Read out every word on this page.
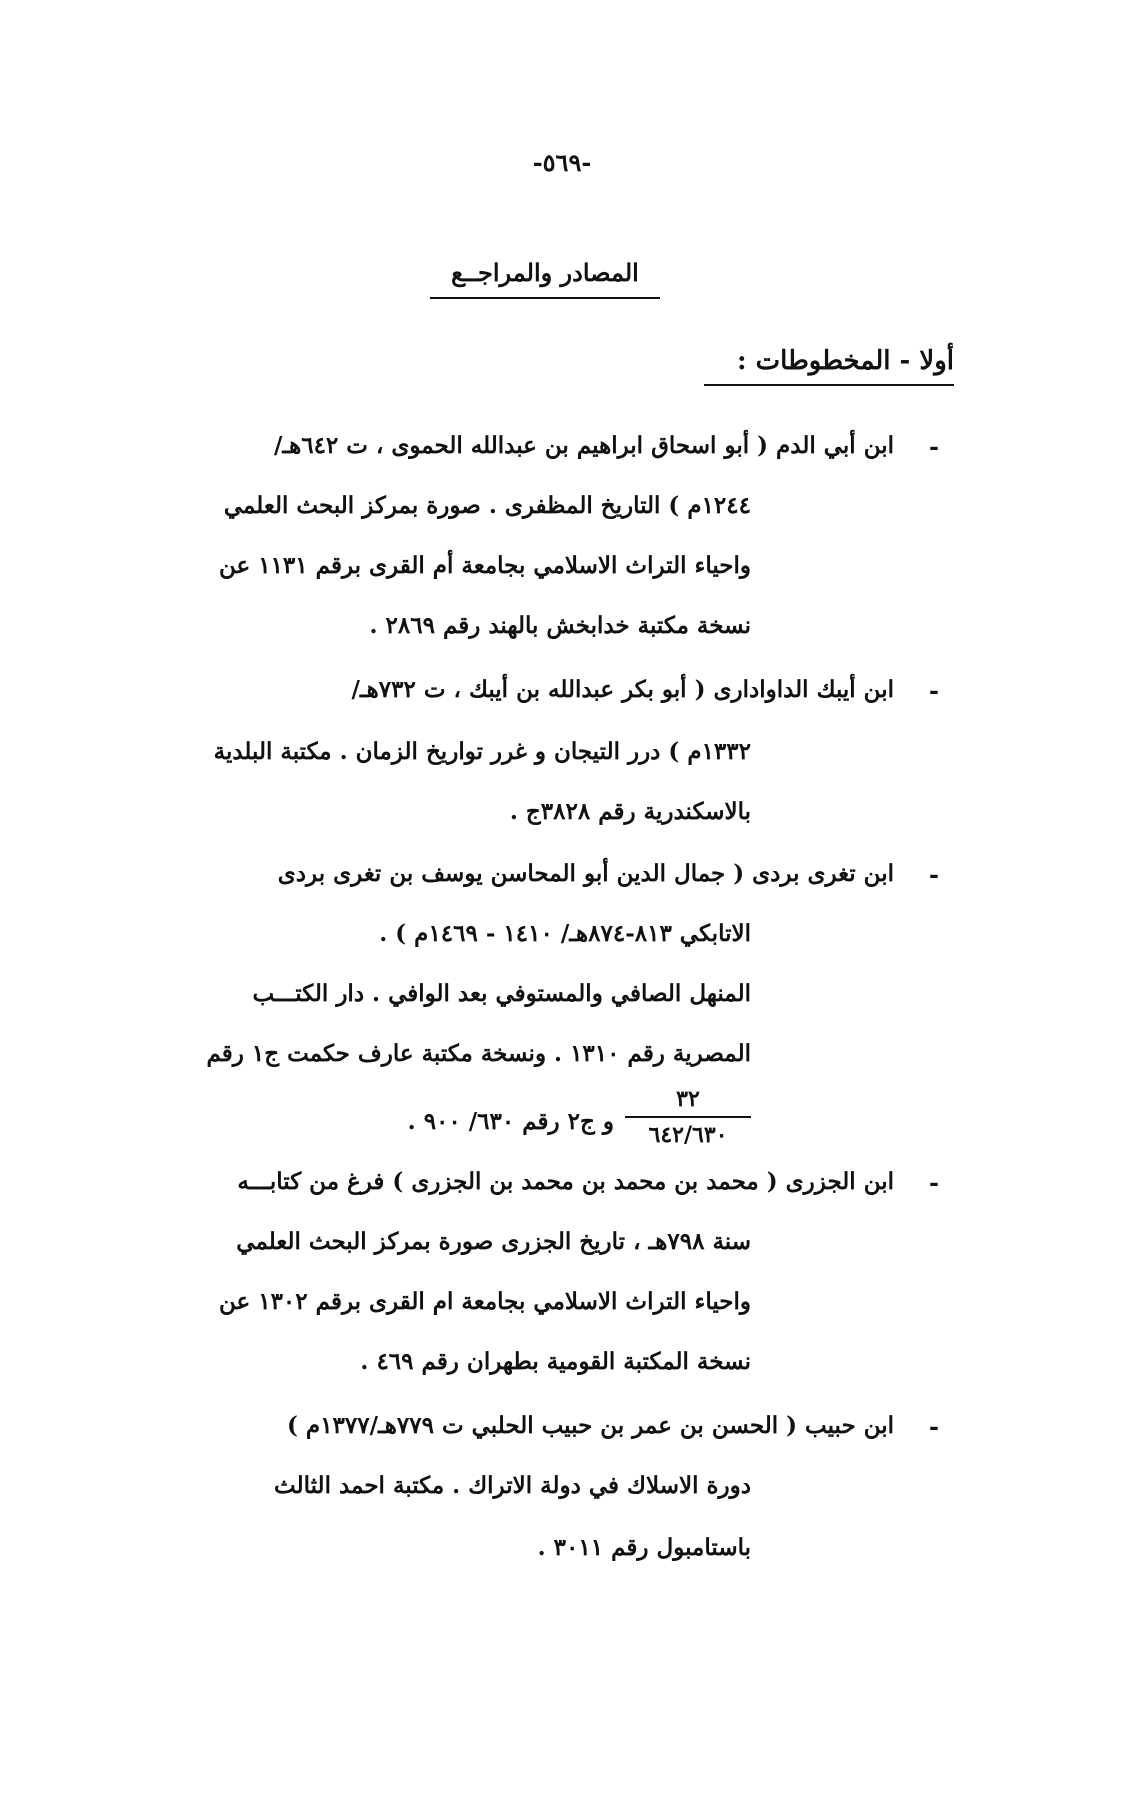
-٥٦٩-
المصادر والمراجــع
أولا - المخطوطات :
-
ابن أبي الدم ( أبو اسحاق ابراهيم بن عبدالله الحموى ، ت ٦٤٢هـ/
١٢٤٤م ) التاريخ المظفرى . صورة بمركز البحث العلمي
واحياء التراث الاسلامي بجامعة أم القرى برقم ١١٣١ عن
نسخة مكتبة خدابخش بالهند رقم ٢٨٦٩ .
-
ابن أيبك الداوادارى ( أبو بكر عبدالله بن أيبك ، ت ٧٣٢هـ/
١٣٣٢م ) درر التيجان و غرر تواريخ الزمان . مكتبة البلدية
بالاسكندرية رقم ٣٨٢٨ج .
-
ابن تغرى بردى ( جمال الدين أبو المحاسن يوسف بن تغرى بردى
الاتابكي ٨١٣-٨٧٤هـ/ ١٤١٠ - ١٤٦٩م ) .
المنهل الصافي والمستوفي بعد الوافي . دار الكتـــب
المصرية رقم ١٣١٠ . ونسخة مكتبة عارف حكمت ج١ رقم
٣٢
٦٤٢/٦٣٠
و ج٢ رقم ٦٣٠/ ٩٠٠ .
-
ابن الجزرى ( محمد بن محمد بن محمد بن الجزرى ) فرغ من كتابـــه
سنة ٧٩٨هـ ، تاريخ الجزرى صورة بمركز البحث العلمي
واحياء التراث الاسلامي بجامعة ام القرى برقم ١٣٠٢ عن
نسخة المكتبة القومية بطهران رقم ٤٦٩ .
-
ابن حبيب ( الحسن بن عمر بن حبيب الحلبي ت ٧٧٩هـ/١٣٧٧م )
دورة الاسلاك في دولة الاتراك . مكتبة احمد الثالث
باستامبول رقم ٣٠١١ .
